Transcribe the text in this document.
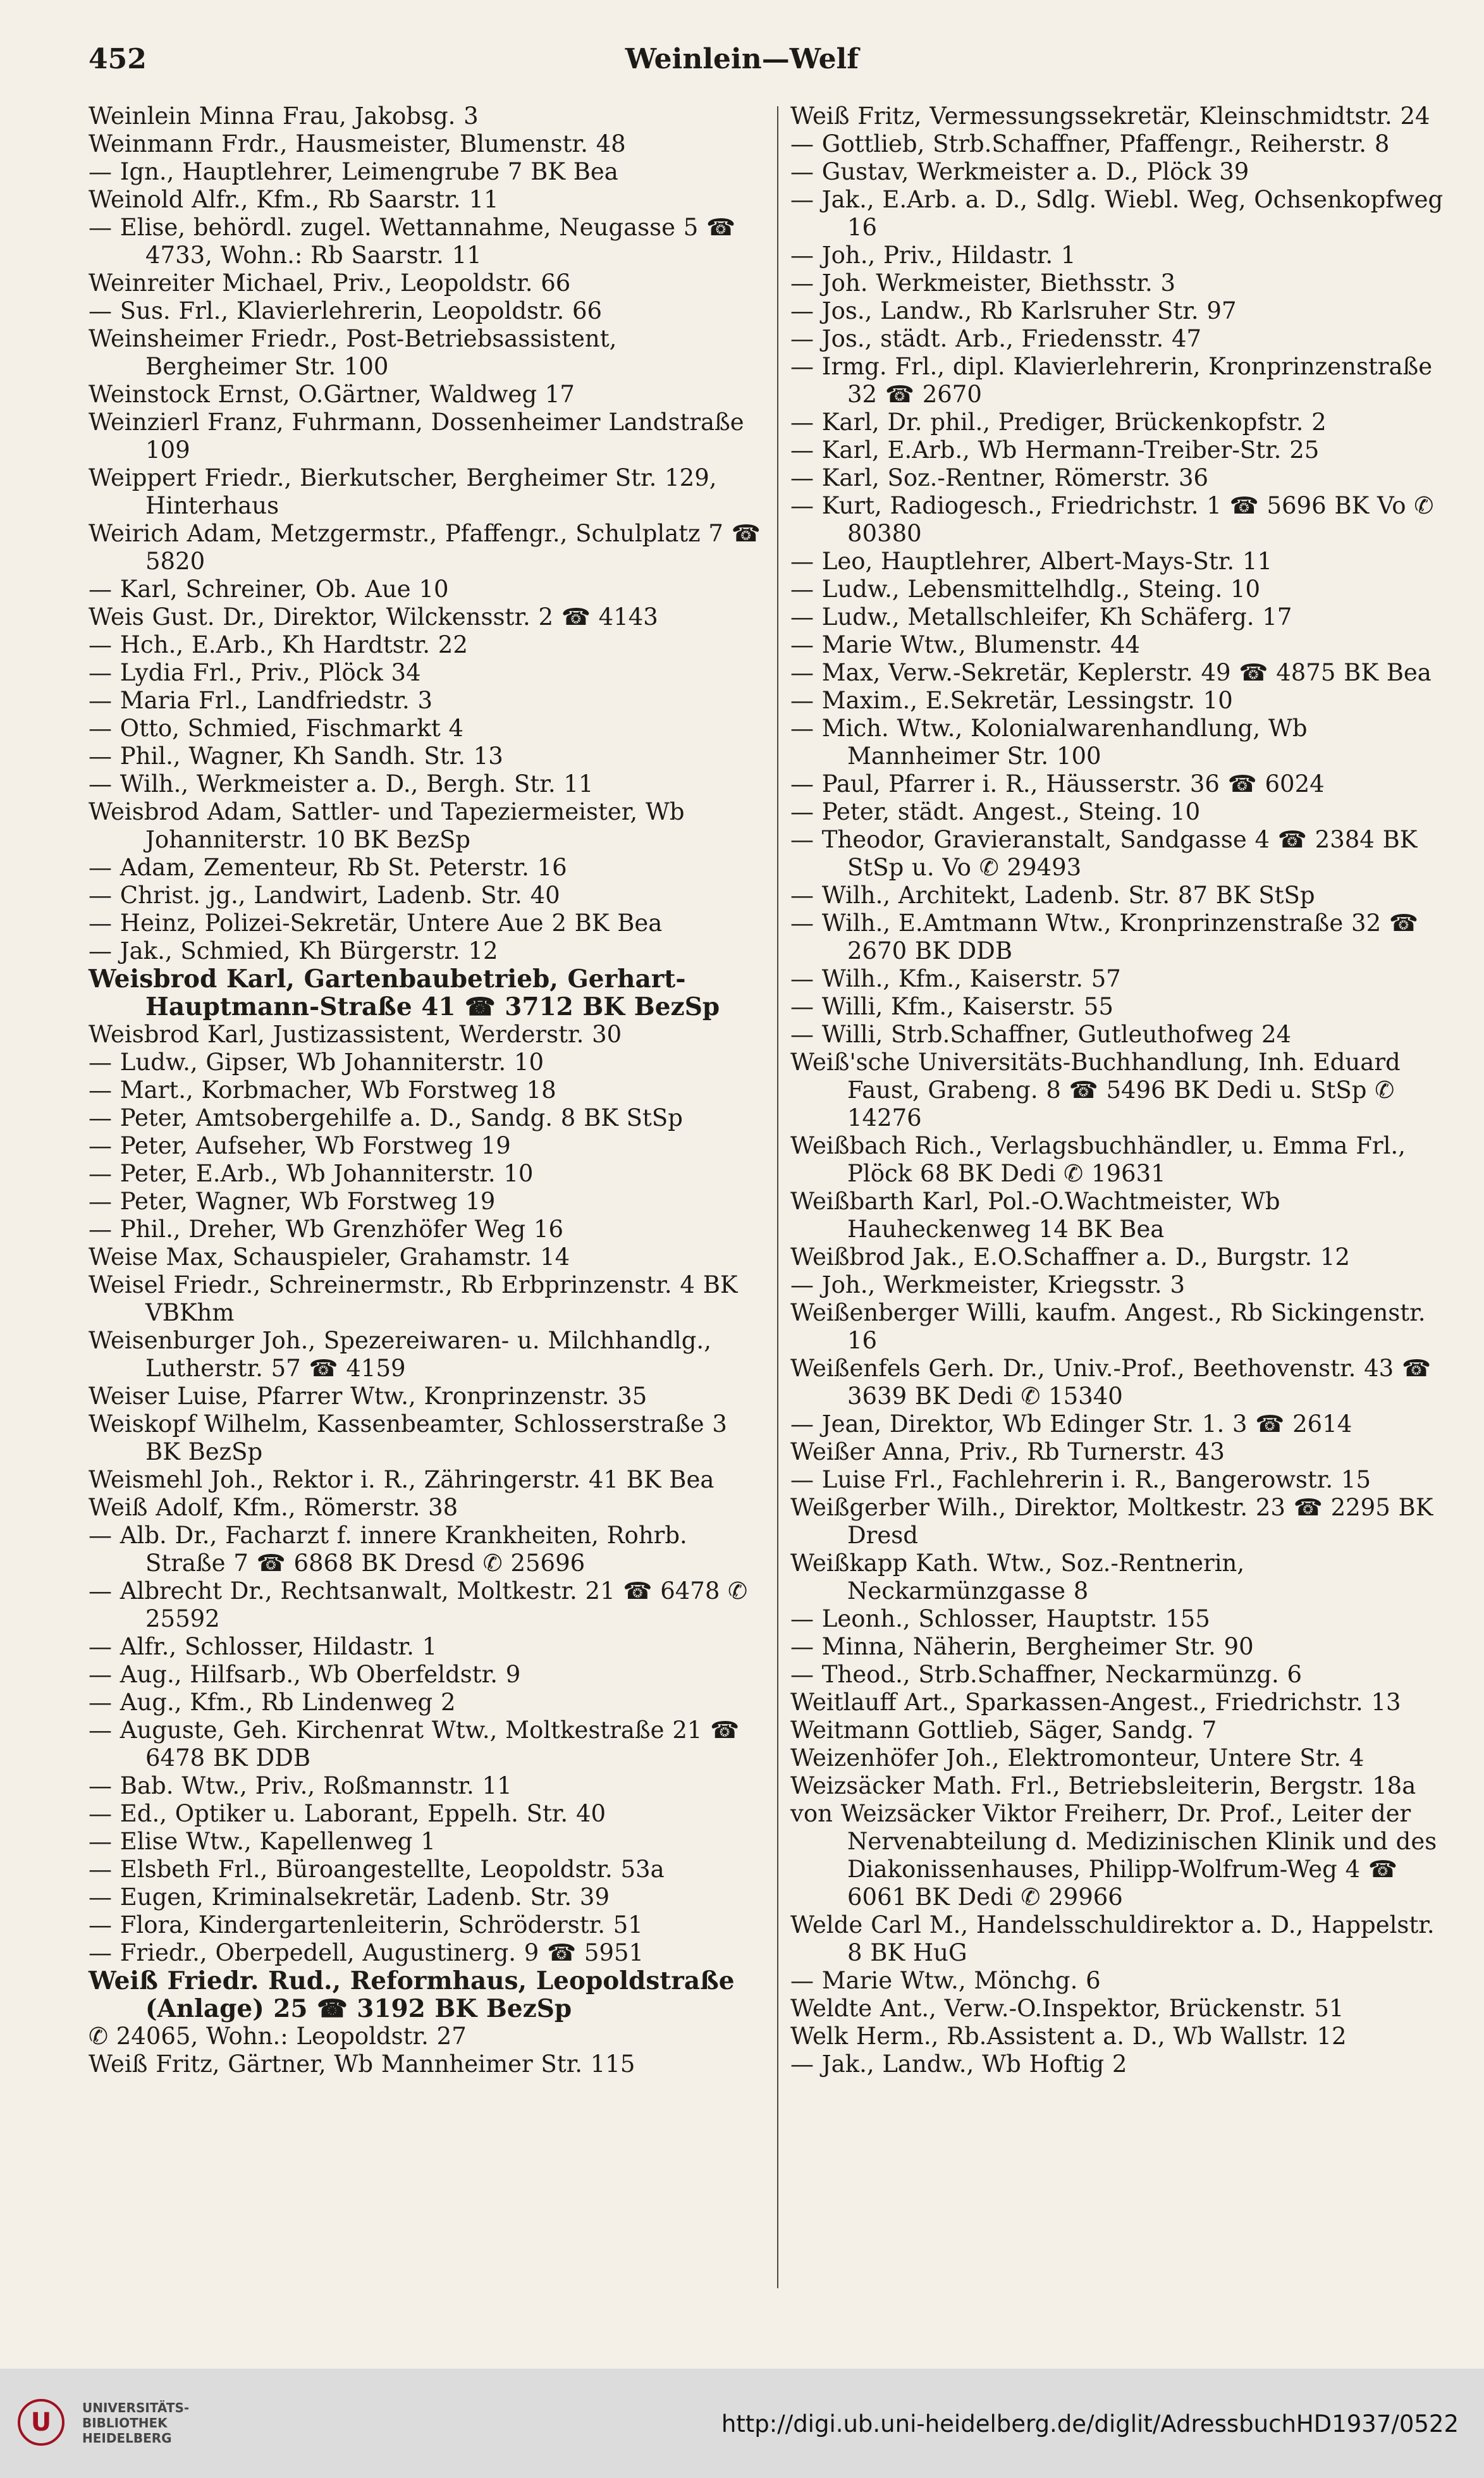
452	Weinlein—Welf

Weinlein Minna Frau, Jakobsg. 3

Weinmann Frdr., Hausmeister, Blumenstr. 48

— Ign., Hauptlehrer, Leimengrube 7 BK Bea

Weinold Alfr., Kfm., Rb Saarstr. 11

— Elise, behördl. zugel. Wettannahme, Neugasse 5 ☎ 4733, Wohn.: Rb Saarstr. 11

Weinreiter Michael, Priv., Leopoldstr. 66

— Sus. Frl., Klavierlehrerin, Leopoldstr. 66

Weinsheimer Friedr., Post-Betriebsassistent, Bergheimer Str. 100

Weinstock Ernst, O.Gärtner, Waldweg 17

Weinzierl Franz, Fuhrmann, Dossenheimer Landstraße 109

Weippert Friedr., Bierkutscher, Bergheimer Str. 129, Hinterhaus

Weirich Adam, Metzgermstr., Pfaffengr., Schulplatz 7 ☎ 5820

— Karl, Schreiner, Ob. Aue 10

Weis Gust. Dr., Direktor, Wilckensstr. 2 ☎ 4143

— Hch., E.Arb., Kh Hardtstr. 22

— Lydia Frl., Priv., Plöck 34

— Maria Frl., Landfriedstr. 3

— Otto, Schmied, Fischmarkt 4

— Phil., Wagner, Kh Sandh. Str. 13

— Wilh., Werkmeister a. D., Bergh. Str. 11

Weisbrod Adam, Sattler- und Tapeziermeister, Wb Johanniterstr. 10 BK BezSp

— Adam, Zementeur, Rb St. Peterstr. 16

— Christ. jg., Landwirt, Ladenb. Str. 40

— Heinz, Polizei-Sekretär, Untere Aue 2 BK Bea

— Jak., Schmied, Kh Bürgerstr. 12

Weisbrod Karl, Gartenbaubetrieb, Gerhart-Hauptmann-Straße 41 ☎ 3712 BK BezSp

Weisbrod Karl, Justizassistent, Werderstr. 30

— Ludw., Gipser, Wb Johanniterstr. 10

— Mart., Korbmacher, Wb Forstweg 18

— Peter, Amtsobergehilfe a. D., Sandg. 8 BK StSp

— Peter, Aufseher, Wb Forstweg 19

— Peter, E.Arb., Wb Johanniterstr. 10

— Peter, Wagner, Wb Forstweg 19

— Phil., Dreher, Wb Grenzhöfer Weg 16

Weise Max, Schauspieler, Grahamstr. 14

Weisel Friedr., Schreinermstr., Rb Erbprinzenstr. 4 BK VBKhm

Weisenburger Joh., Spezereiwaren- u. Milchhandlg., Lutherstr. 57 ☎ 4159

Weiser Luise, Pfarrer Wtw., Kronprinzenstr. 35

Weiskopf Wilhelm, Kassenbeamter, Schlosserstraße 3 BK BezSp

Weismehl Joh., Rektor i. R., Zähringerstr. 41 BK Bea

Weiß Adolf, Kfm., Römerstr. 38

— Alb. Dr., Facharzt f. innere Krankheiten, Rohrb. Straße 7 ☎ 6868 BK Dresd ✆ 25696

— Albrecht Dr., Rechtsanwalt, Moltkestr. 21 ☎ 6478 ✆ 25592

— Alfr., Schlosser, Hildastr. 1

— Aug., Hilfsarb., Wb Oberfeldstr. 9

— Aug., Kfm., Rb Lindenweg 2

— Auguste, Geh. Kirchenrat Wtw., Moltkestraße 21 ☎ 6478 BK DDB

— Bab. Wtw., Priv., Roßmannstr. 11

— Ed., Optiker u. Laborant, Eppelh. Str. 40

— Elise Wtw., Kapellenweg 1

— Elsbeth Frl., Büroangestellte, Leopoldstr. 53a

— Eugen, Kriminalsekretär, Ladenb. Str. 39

— Flora, Kindergartenleiterin, Schröderstr. 51

— Friedr., Oberpedell, Augustinerg. 9 ☎ 5951

Weiß Friedr. Rud., Reformhaus, Leopoldstraße (Anlage) 25 ☎ 3192 BK BezSp

✆ 24065, Wohn.: Leopoldstr. 27

Weiß Fritz, Gärtner, Wb Mannheimer Str. 115

Weiß Fritz, Vermessungssekretär, Kleinschmidtstr. 24

— Gottlieb, Strb.Schaffner, Pfaffengr., Reiherstr. 8

— Gustav, Werkmeister a. D., Plöck 39

— Jak., E.Arb. a. D., Sdlg. Wiebl. Weg, Ochsenkopfweg 16

— Joh., Priv., Hildastr. 1

— Joh. Werkmeister, Biethsstr. 3

— Jos., Landw., Rb Karlsruher Str. 97

— Jos., städt. Arb., Friedensstr. 47

— Irmg. Frl., dipl. Klavierlehrerin, Kronprinzenstraße 32 ☎ 2670

— Karl, Dr. phil., Prediger, Brückenkopfstr. 2

— Karl, E.Arb., Wb Hermann-Treiber-Str. 25

— Karl, Soz.-Rentner, Römerstr. 36

— Kurt, Radiogesch., Friedrichstr. 1 ☎ 5696 BK Vo ✆ 80380

— Leo, Hauptlehrer, Albert-Mays-Str. 11

— Ludw., Lebensmittelhdlg., Steing. 10

— Ludw., Metallschleifer, Kh Schäferg. 17

— Marie Wtw., Blumenstr. 44

— Max, Verw.-Sekretär, Keplerstr. 49 ☎ 4875 BK Bea

— Maxim., E.Sekretär, Lessingstr. 10

— Mich. Wtw., Kolonialwarenhandlung, Wb Mannheimer Str. 100

— Paul, Pfarrer i. R., Häusserstr. 36 ☎ 6024

— Peter, städt. Angest., Steing. 10

— Theodor, Gravieranstalt, Sandgasse 4 ☎ 2384 BK StSp u. Vo ✆ 29493

— Wilh., Architekt, Ladenb. Str. 87 BK StSp

— Wilh., E.Amtmann Wtw., Kronprinzenstraße 32 ☎ 2670 BK DDB

— Wilh., Kfm., Kaiserstr. 57

— Willi, Kfm., Kaiserstr. 55

— Willi, Strb.Schaffner, Gutleuthofweg 24

Weiß'sche Universitäts-Buchhandlung, Inh. Eduard Faust, Grabeng. 8 ☎ 5496 BK Dedi u. StSp ✆ 14276

Weißbach Rich., Verlagsbuchhändler, u. Emma Frl., Plöck 68 BK Dedi ✆ 19631

Weißbarth Karl, Pol.-O.Wachtmeister, Wb Hauheckenweg 14 BK Bea

Weißbrod Jak., E.O.Schaffner a. D., Burgstr. 12

— Joh., Werkmeister, Kriegsstr. 3

Weißenberger Willi, kaufm. Angest., Rb Sickingenstr. 16

Weißenfels Gerh. Dr., Univ.-Prof., Beethovenstr. 43 ☎ 3639 BK Dedi ✆ 15340

— Jean, Direktor, Wb Edinger Str. 1. 3 ☎ 2614

Weißer Anna, Priv., Rb Turnerstr. 43

— Luise Frl., Fachlehrerin i. R., Bangerowstr. 15

Weißgerber Wilh., Direktor, Moltkestr. 23 ☎ 2295 BK Dresd

Weißkapp Kath. Wtw., Soz.-Rentnerin, Neckarmünzgasse 8

— Leonh., Schlosser, Hauptstr. 155

— Minna, Näherin, Bergheimer Str. 90

— Theod., Strb.Schaffner, Neckarmünzg. 6

Weitlauff Art., Sparkassen-Angest., Friedrichstr. 13

Weitmann Gottlieb, Säger, Sandg. 7

Weizenhöfer Joh., Elektromonteur, Untere Str. 4

Weizsäcker Math. Frl., Betriebsleiterin, Bergstr. 18a

von Weizsäcker Viktor Freiherr, Dr. Prof., Leiter der Nervenabteilung d. Medizinischen Klinik und des Diakonissenhauses, Philipp-Wolfrum-Weg 4 ☎ 6061 BK Dedi ✆ 29966

Welde Carl M., Handelsschuldirektor a. D., Happelstr. 8 BK HuG

— Marie Wtw., Mönchg. 6

Weldte Ant., Verw.-O.Inspektor, Brückenstr. 51

Welk Herm., Rb.Assistent a. D., Wb Wallstr. 12

— Jak., Landw., Wb Hoftig 2

U	UNIVERSITÄTS-
BIBLIOTHEK
HEIDELBERG
http://digi.ub.uni-heidelberg.de/diglit/AdressbuchHD1937/0522
